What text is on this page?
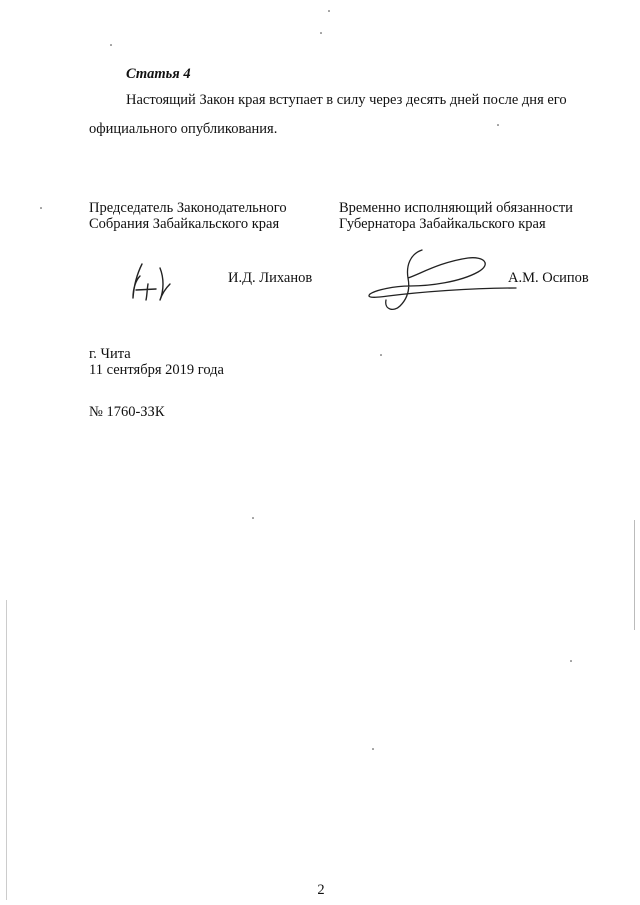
Статья 4
Настоящий Закон края вступает в силу через десять дней после дня его
официального опубликования.
Председатель Законодательного
Собрания Забайкальского края
Временно исполняющий обязанности
Губернатора Забайкальского края
И.Д. Лиханов	А.М. Осипов
г. Чита
11 сентября 2019 года
№ 1760-ЗЗК
2
